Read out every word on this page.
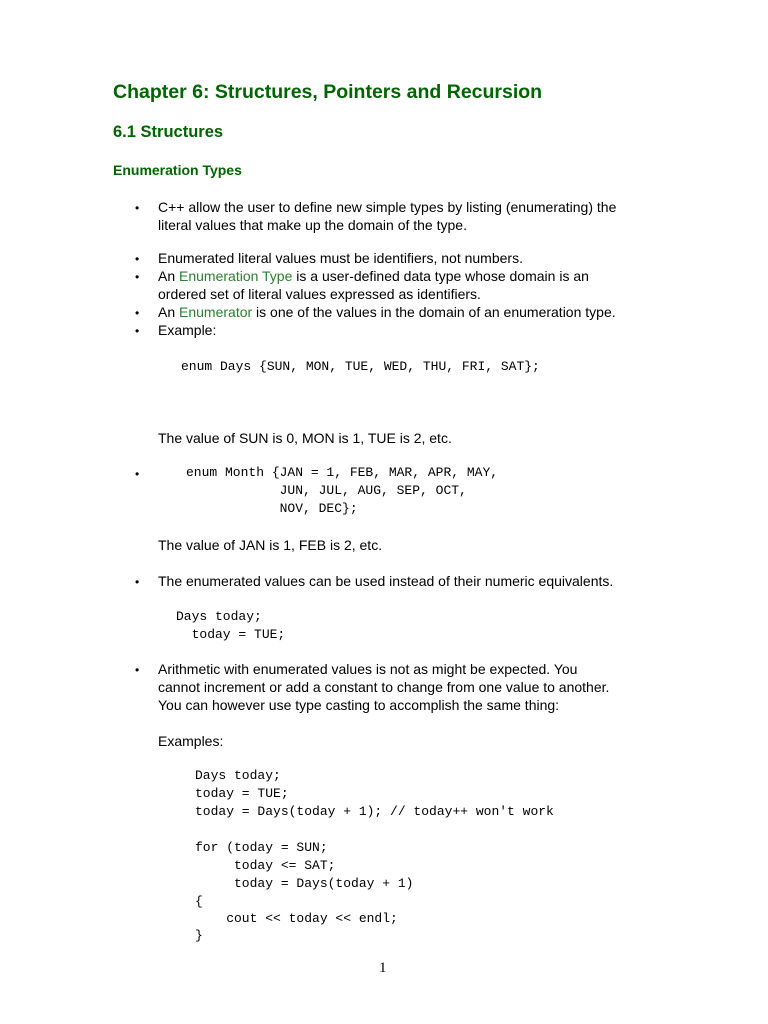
Chapter 6: Structures, Pointers and Recursion
6.1 Structures
Enumeration Types
• C++ allow the user to define new simple types by listing (enumerating) the
literal values that make up the domain of the type.
• Enumerated literal values must be identifiers, not numbers.
• An Enumeration Type is a user-defined data type whose domain is an
ordered set of literal values expressed as identifiers.
• An Enumerator is one of the values in the domain of an enumeration type.
• Example:
enum Days {SUN, MON, TUE, WED, THU, FRI, SAT};
The value of SUN is 0, MON is 1, TUE is 2, etc.
•	enum Month {JAN = 1, FEB, MAR, APR, MAY,
JUN, JUL, AUG, SEP, OCT,
NOV, DEC};
The value of JAN is 1, FEB is 2, etc.
• The enumerated values can be used instead of their numeric equivalents.
Days today;
today = TUE;
• Arithmetic with enumerated values is not as might be expected. You
cannot increment or add a constant to change from one value to another.
You can however use type casting to accomplish the same thing:
Examples:
Days today;
today = TUE;
today = Days(today + 1); // today++ won't work
for (today = SUN;
today <= SAT;
today = Days(today + 1)
{
cout << today << endl;
}
1
